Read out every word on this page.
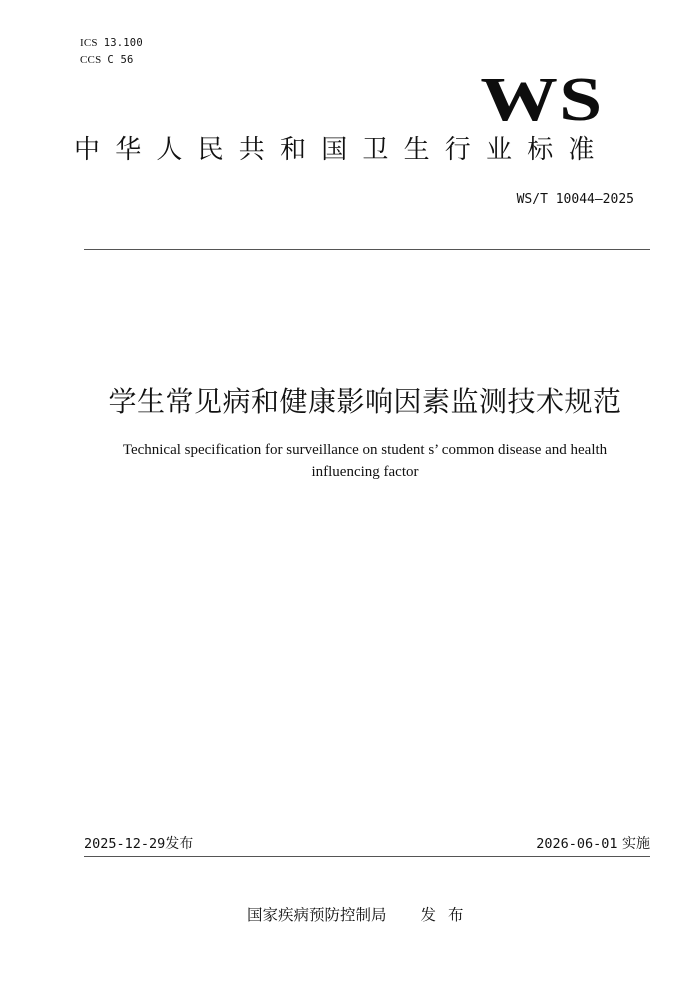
ICS 13.100
CCS C 56
WS
中华人民共和国卫生行业标准
WS/T 10044—2025
学生常见病和健康影响因素监测技术规范
Technical specification for surveillance on student s’ common disease and health
influencing factor
2025-12-29发布	2026-06-01 实施
国家疾病预防控制局 发布
